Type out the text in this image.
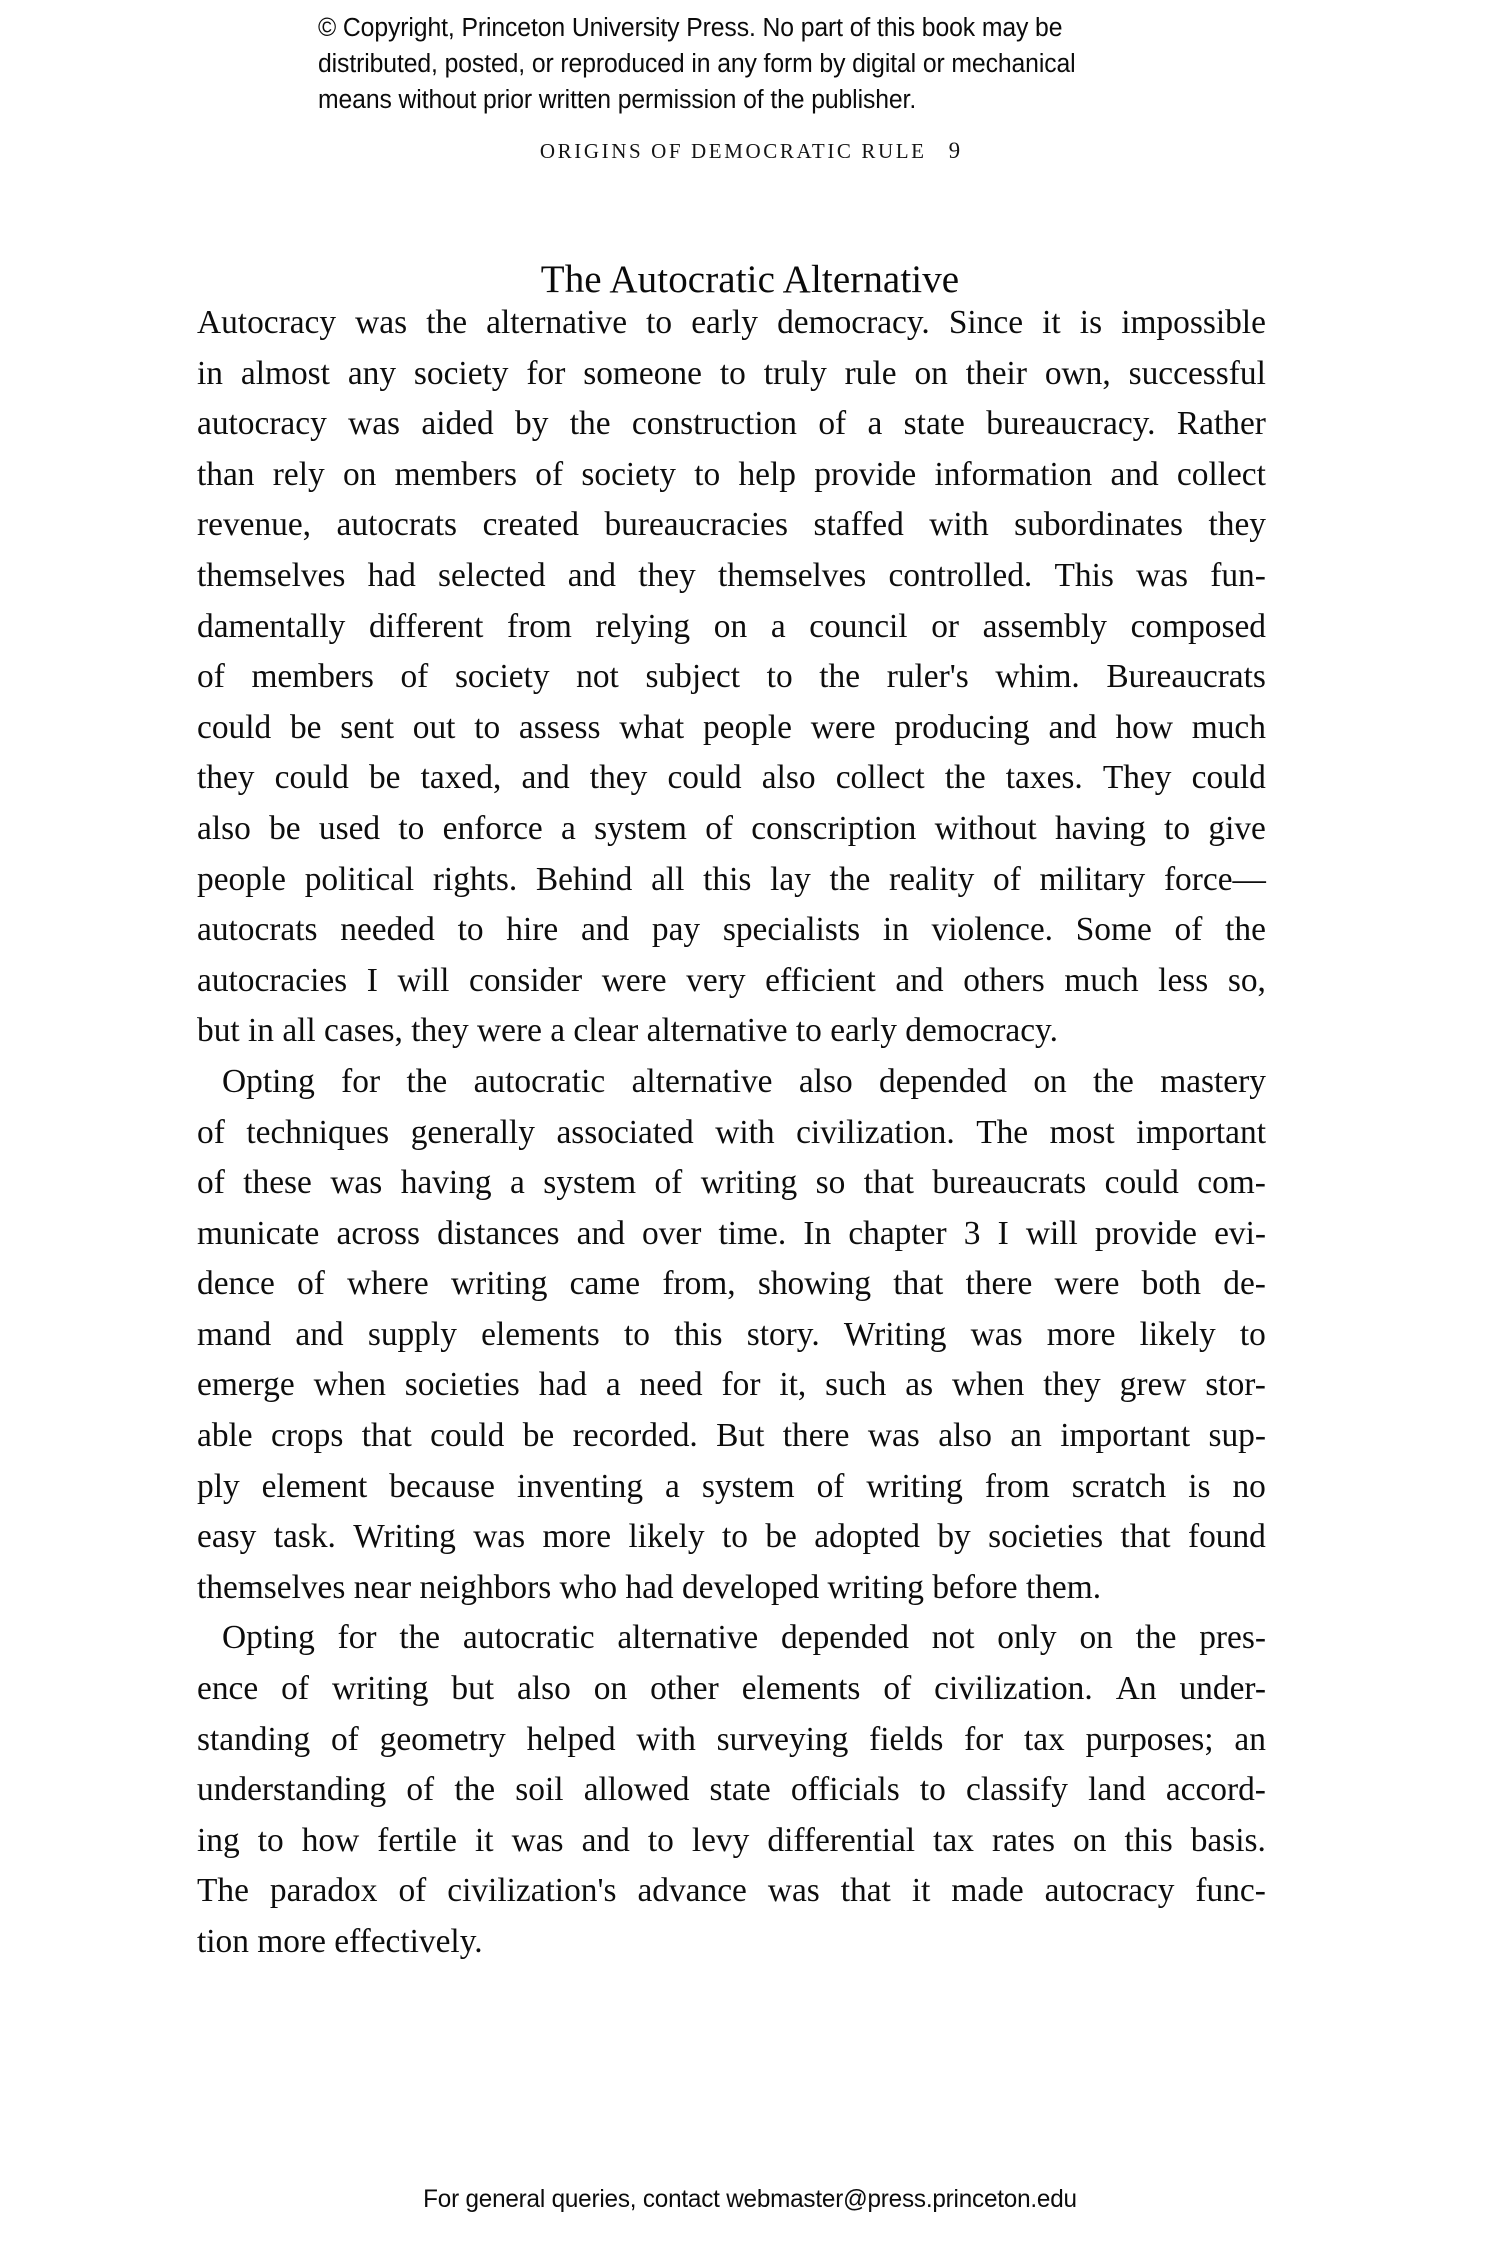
© Copyright, Princeton University Press. No part of this book may be
distributed, posted, or reproduced in any form by digital or mechanical
means without prior written permission of the publisher.
ORIGINS OF DEMOCRATIC RULE 9
The Autocratic Alternative
Autocracy was the alternative to early democracy. Since it is impossible
in almost any society for someone to truly rule on their own, successful
autocracy was aided by the construction of a state bureaucracy. Rather
than rely on members of society to help provide information and collect
revenue, autocrats created bureaucracies staffed with subordinates they
themselves had selected and they themselves controlled. This was fun-
damentally different from relying on a council or assembly composed
of members of society not subject to the ruler's whim. Bureaucrats
could be sent out to assess what people were producing and how much
they could be taxed, and they could also collect the taxes. They could
also be used to enforce a system of conscription without having to give
people political rights. Behind all this lay the reality of military force—
autocrats needed to hire and pay specialists in violence. Some of the
autocracies I will consider were very efficient and others much less so,
but in all cases, they were a clear alternative to early democracy.
Opting for the autocratic alternative also depended on the mastery
of techniques generally associated with civilization. The most important
of these was having a system of writing so that bureaucrats could com-
municate across distances and over time. In chapter 3 I will provide evi-
dence of where writing came from, showing that there were both de-
mand and supply elements to this story. Writing was more likely to
emerge when societies had a need for it, such as when they grew stor-
able crops that could be recorded. But there was also an important sup-
ply element because inventing a system of writing from scratch is no
easy task. Writing was more likely to be adopted by societies that found
themselves near neighbors who had developed writing before them.
Opting for the autocratic alternative depended not only on the pres-
ence of writing but also on other elements of civilization. An under-
standing of geometry helped with surveying fields for tax purposes; an
understanding of the soil allowed state officials to classify land accord-
ing to how fertile it was and to levy differential tax rates on this basis.
The paradox of civilization's advance was that it made autocracy func-
tion more effectively.
For general queries, contact webmaster@press.princeton.edu
